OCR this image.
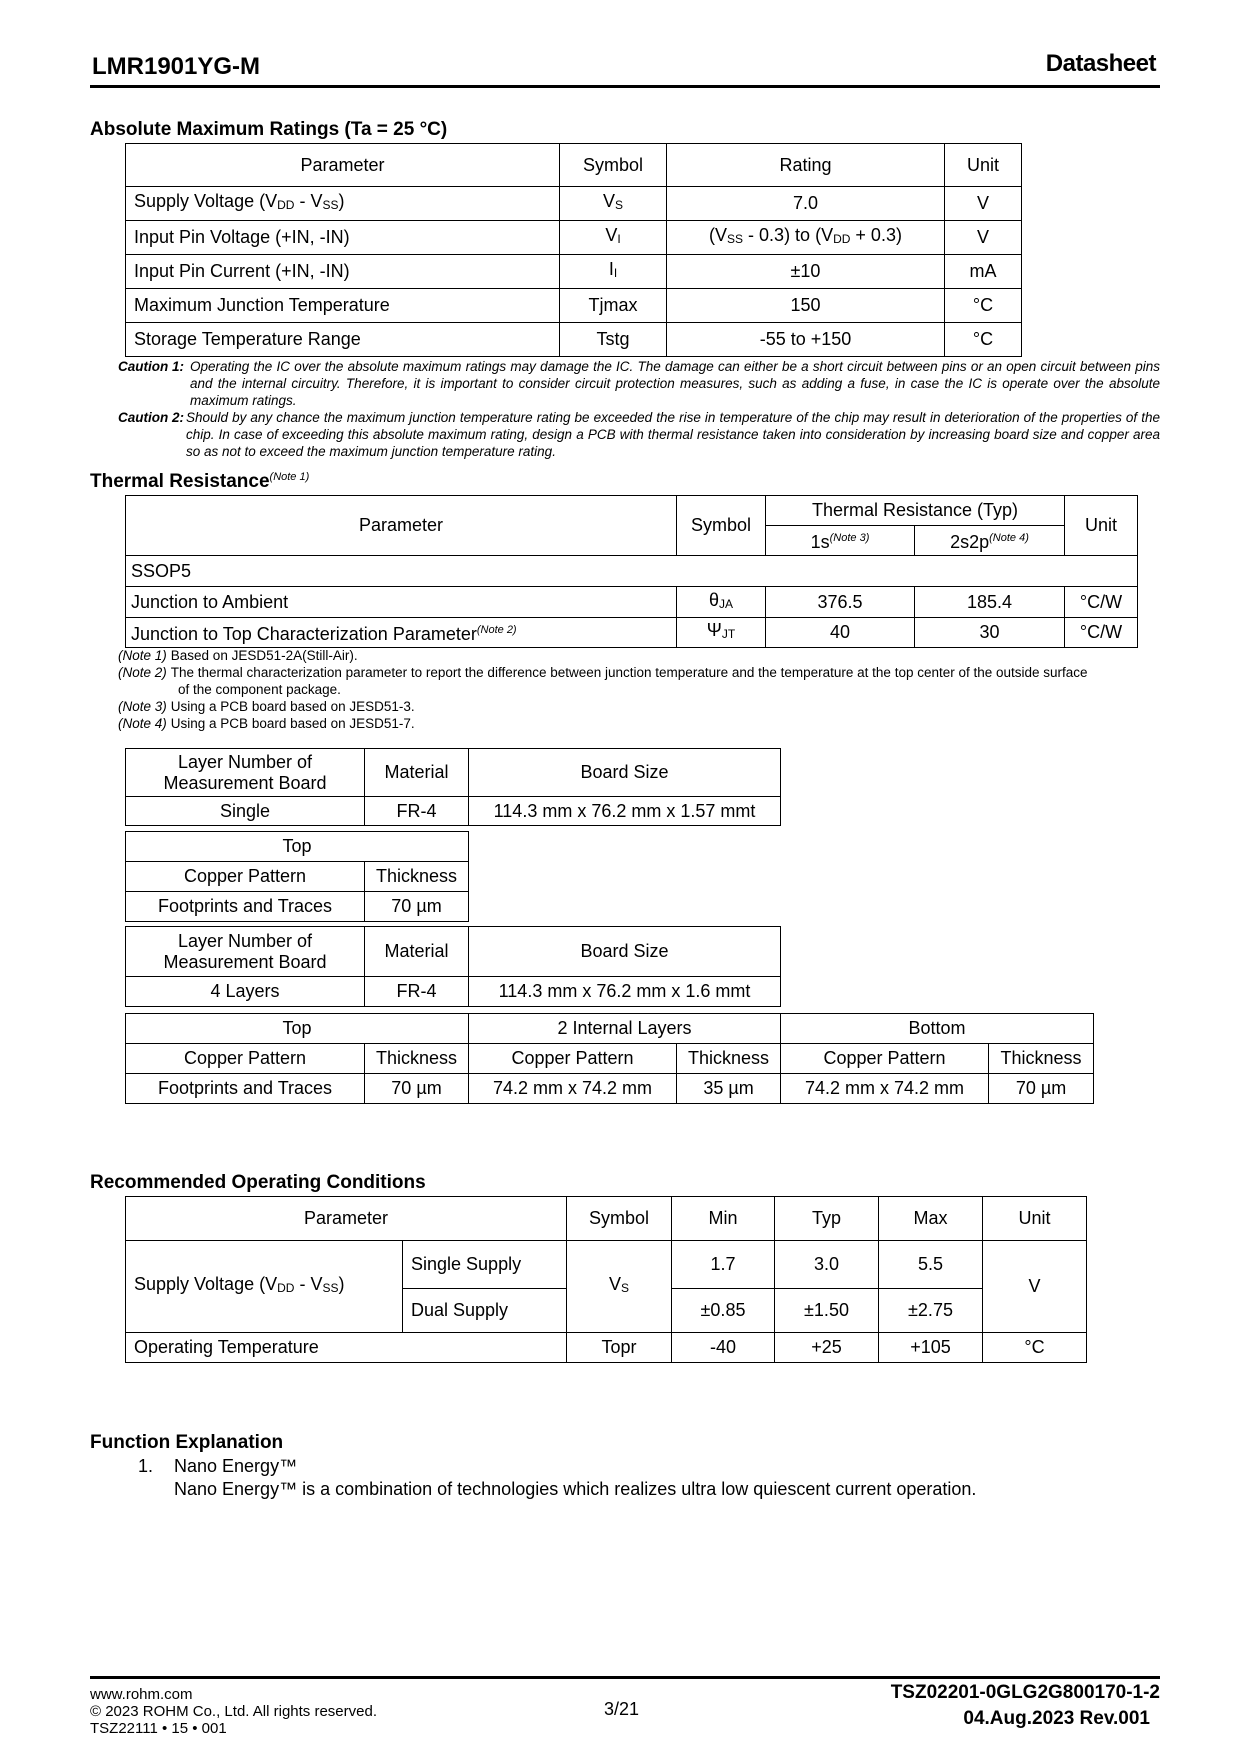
LMR1901YG-M	Datasheet
Absolute Maximum Ratings (Ta = 25 °C)
Parameter	Symbol	Rating	Unit
Supply Voltage $(V_{DD} - V_{SS})$	$V_S$	7.0	V
Input Pin Voltage (+IN, -IN)	$V_I$	$(V_{SS} - 0.3)$ to $(V_{DD} + 0.3)$	V
Input Pin Current (+IN, -IN)	$I_I$	±10	mA
Maximum Junction Temperature	Tjmax	150	°C
Storage Temperature Range	Tstg	-55 to +150	°C
Caution 1: Operating the IC over the absolute maximum ratings may damage the IC. The damage can either be a short circuit between pins or an open circuit between pins and the internal circuitry. Therefore, it is important to consider circuit protection measures, such as adding a fuse, in case the IC is operate over the absolute maximum ratings.
Caution 2: Should by any chance the maximum junction temperature rating be exceeded the rise in temperature of the chip may result in deterioration of the properties of the chip. In case of exceeding this absolute maximum rating, design a PCB with thermal resistance taken into consideration by increasing board size and copper area so as not to exceed the maximum junction temperature rating.
Thermal Resistance$^{(Note 1)}$
Parameter	Symbol	Thermal Resistance (Typ)		Unit
		$1s^{(Note 3)}$	$2s2p^{(Note 4)}$
SSOP5				
Junction to Ambient	$\theta_{JA}$	376.5	185.4	°C/W
Junction to Top Characterization Parameter$^{(Note 2)}$	$\Psi_{JT}$	40	30	°C/W
(Note 1) Based on JESD51-2A(Still-Air).
(Note 2) The thermal characterization parameter to report the difference between junction temperature and the temperature at the top center of the outside surface
of the component package.
(Note 3) Using a PCB board based on JESD51-3.
(Note 4) Using a PCB board based on JESD51-7.
Layer Number of
Measurement Board	Material	Board Size
Single	FR-4	114.3 mm x 76.2 mm x 1.57 mmt
Top	
Copper Pattern	Thickness
Footprints and Traces	70 µm
Layer Number of
Measurement Board	Material	Board Size
4 Layers	FR-4	114.3 mm x 76.2 mm x 1.6 mmt
Top		2 Internal Layers		Bottom	
Copper Pattern	Thickness	Copper Pattern	Thickness	Copper Pattern	Thickness
Footprints and Traces	70 µm	74.2 mm x 74.2 mm	35 µm	74.2 mm x 74.2 mm	70 µm
Recommended Operating Conditions
Parameter		Symbol	Min	Typ	Max	Unit
Supply Voltage $(V_{DD} - V_{SS})$	Single Supply	$V_S$	1.7	3.0	5.5	V
	Dual Supply		±0.85	±1.50	±2.75	
Operating Temperature		Topr	-40	+25	+105	°C
Function Explanation
1. Nano Energy™
Nano Energy™ is a combination of technologies which realizes ultra low quiescent current operation.
www.rohm.com
© 2023 ROHM Co., Ltd. All rights reserved.
TSZ22111 • 15 • 001
3/21
TSZ02201-0GLG2G800170-1-2
04.Aug.2023 Rev.001
